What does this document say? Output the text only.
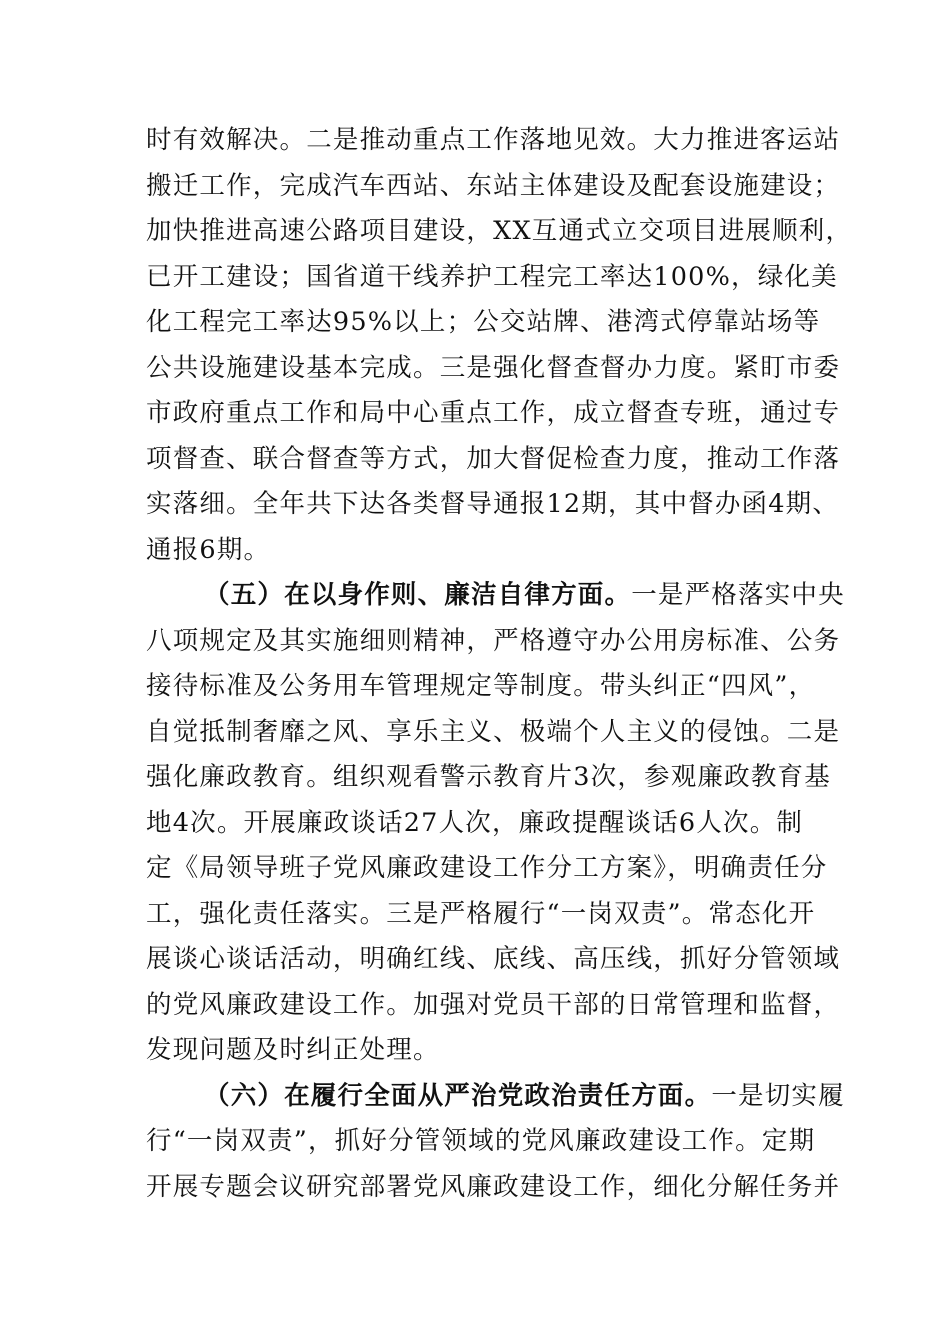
时有效解决。二是推动重点工作落地见效。大力推进客运站
搬迁工作，完成汽车西站、东站主体建设及配套设施建设；
加快推进高速公路项目建设，XX互通式立交项目进展顺利，
已开工建设；国省道干线养护工程完工率达100%，绿化美
化工程完工率达95%以上；公交站牌、港湾式停靠站场等
公共设施建设基本完成。三是强化督查督办力度。紧盯市委
市政府重点工作和局中心重点工作，成立督查专班，通过专
项督查、联合督查等方式，加大督促检查力度，推动工作落
实落细。全年共下达各类督导通报12期，其中督办函4期、
通报6期。
（五）在以身作则、廉洁自律方面。一是严格落实中央
八项规定及其实施细则精神，严格遵守办公用房标准、公务
接待标准及公务用车管理规定等制度。带头纠正“四风”，
自觉抵制奢靡之风、享乐主义、极端个人主义的侵蚀。二是
强化廉政教育。组织观看警示教育片3次，参观廉政教育基
地4次。开展廉政谈话27人次，廉政提醒谈话6人次。制
定《局领导班子党风廉政建设工作分工方案》，明确责任分
工，强化责任落实。三是严格履行“一岗双责”。常态化开
展谈心谈话活动，明确红线、底线、高压线，抓好分管领域
的党风廉政建设工作。加强对党员干部的日常管理和监督，
发现问题及时纠正处理。
（六）在履行全面从严治党政治责任方面。一是切实履
行“一岗双责”，抓好分管领域的党风廉政建设工作。定期
开展专题会议研究部署党风廉政建设工作，细化分解任务并
